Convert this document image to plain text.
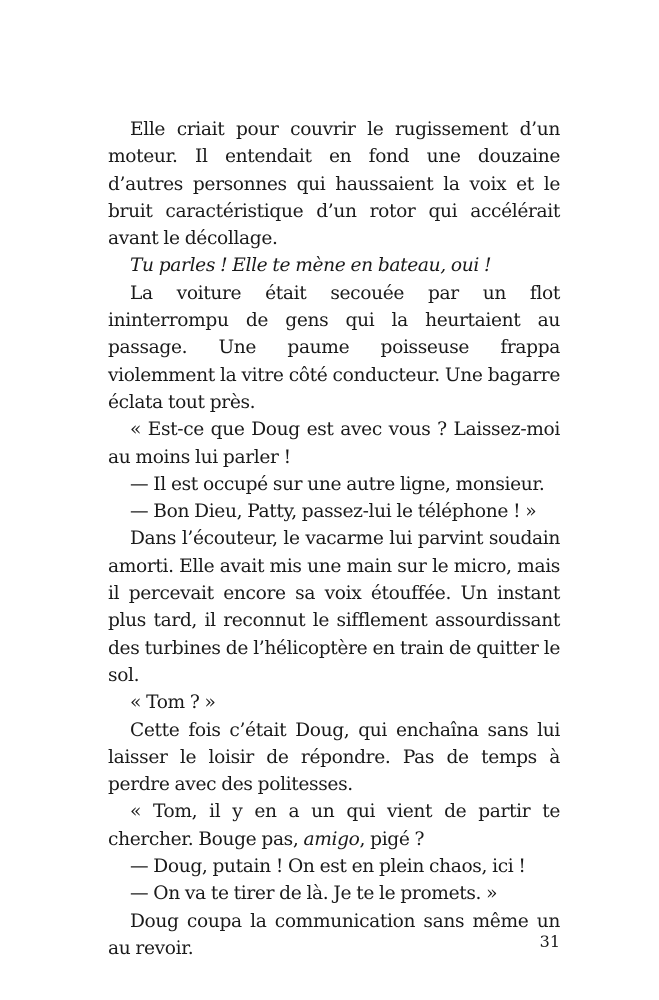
Elle criait pour couvrir le rugissement d’un moteur. Il entendait en fond une douzaine d’autres personnes qui haussaient la voix et le bruit caractéristique d’un rotor qui accélérait avant le décollage.

Tu parles ! Elle te mène en bateau, oui !

La voiture était secouée par un flot ininterrompu de gens qui la heurtaient au passage. Une paume poisseuse frappa violemment la vitre côté conducteur. Une bagarre éclata tout près.

« Est-ce que Doug est avec vous ? Laissez-moi au moins lui parler !

— Il est occupé sur une autre ligne, monsieur.

— Bon Dieu, Patty, passez-lui le téléphone ! »

Dans l’écouteur, le vacarme lui parvint soudain amorti. Elle avait mis une main sur le micro, mais il percevait encore sa voix étouffée. Un instant plus tard, il reconnut le sifflement assourdissant des turbines de l’hélicoptère en train de quitter le sol.

« Tom ? »

Cette fois c’était Doug, qui enchaîna sans lui laisser le loisir de répondre. Pas de temps à perdre avec des politesses.

« Tom, il y en a un qui vient de partir te chercher. Bouge pas, amigo, pigé ?

— Doug, putain ! On est en plein chaos, ici !

— On va te tirer de là. Je te le promets. »

Doug coupa la communication sans même un au revoir.	31
